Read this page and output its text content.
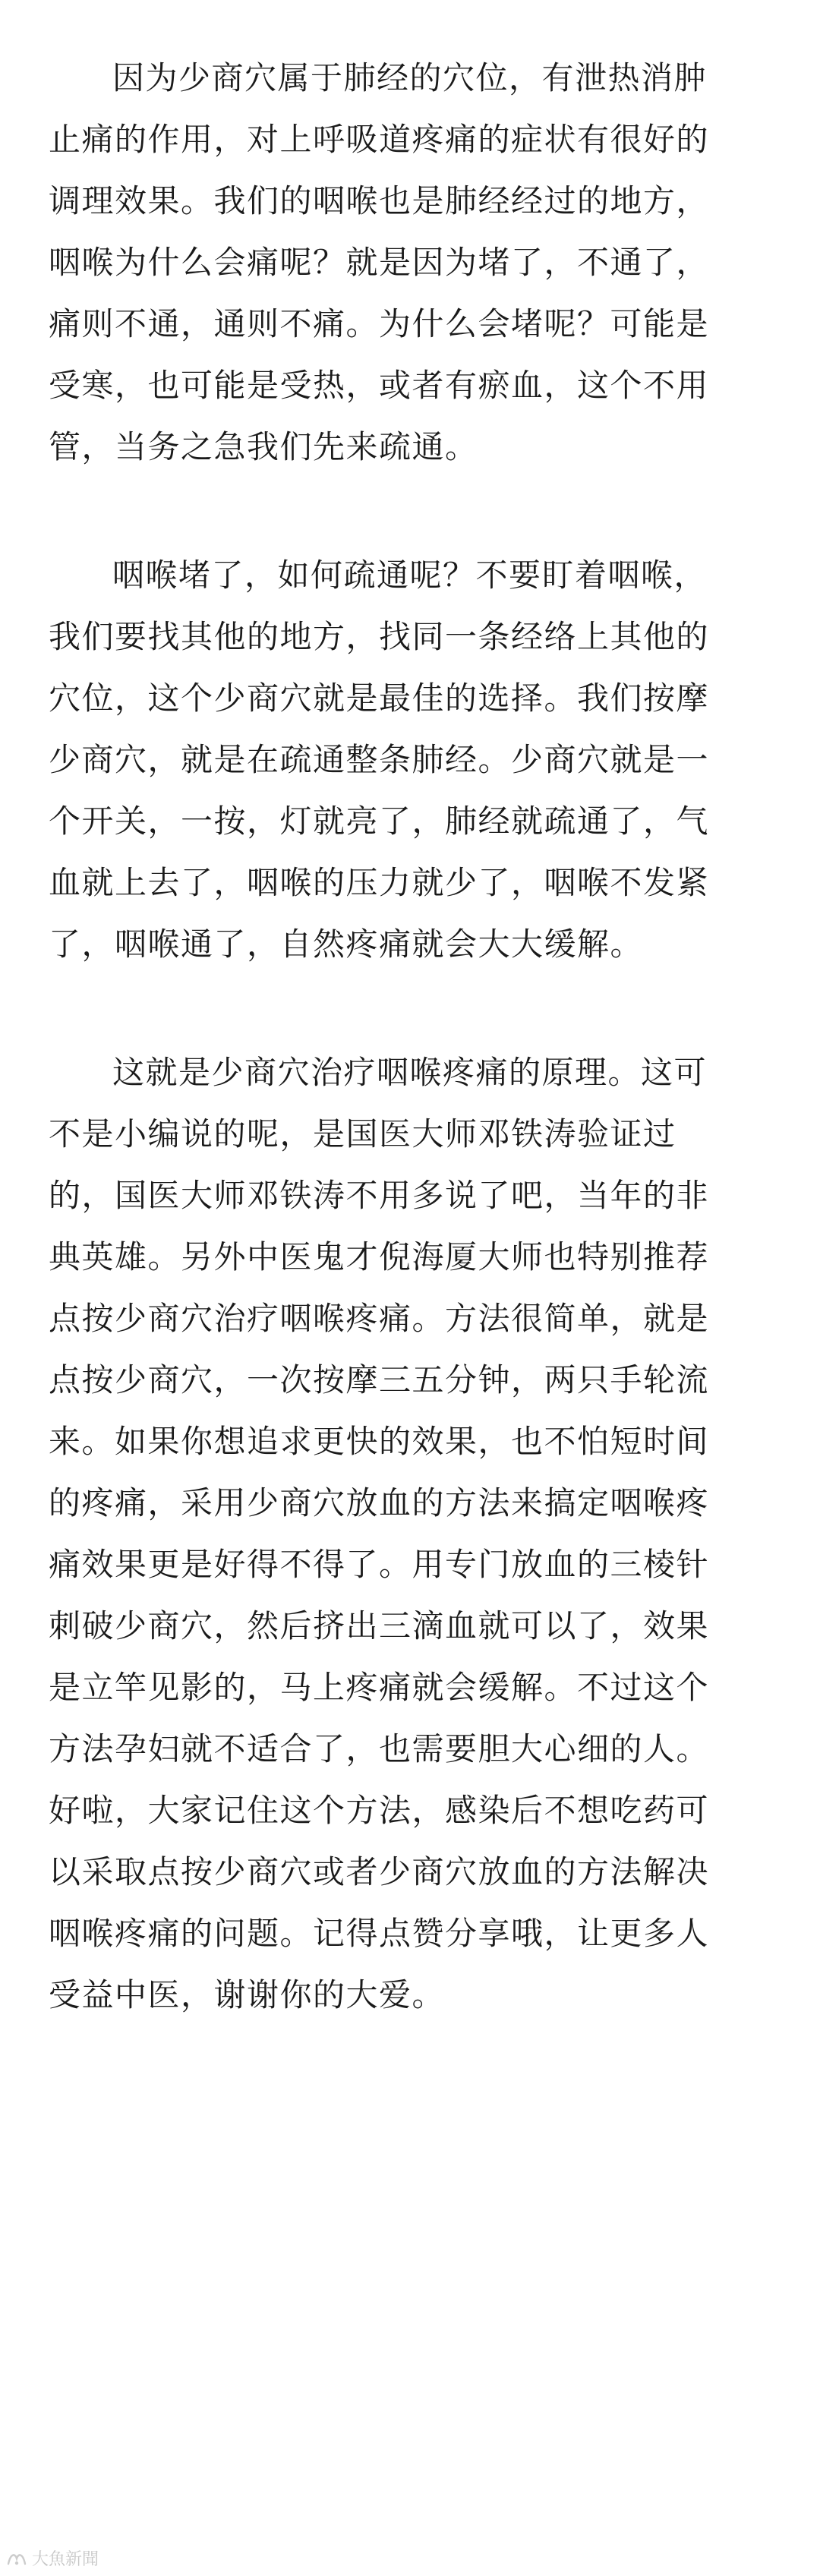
因为少商穴属于肺经的穴位，有泄热消肿
止痛的作用，对上呼吸道疼痛的症状有很好的
调理效果。我们的咽喉也是肺经经过的地方，
咽喉为什么会痛呢？就是因为堵了，不通了，
痛则不通，通则不痛。为什么会堵呢？可能是
受寒，也可能是受热，或者有瘀血，这个不用
管，当务之急我们先来疏通。

咽喉堵了，如何疏通呢？不要盯着咽喉，
我们要找其他的地方，找同一条经络上其他的
穴位，这个少商穴就是最佳的选择。我们按摩
少商穴，就是在疏通整条肺经。少商穴就是一
个开关，一按，灯就亮了，肺经就疏通了，气
血就上去了，咽喉的压力就少了，咽喉不发紧
了，咽喉通了，自然疼痛就会大大缓解。

这就是少商穴治疗咽喉疼痛的原理。这可
不是小编说的呢，是国医大师邓铁涛验证过
的，国医大师邓铁涛不用多说了吧，当年的非
典英雄。另外中医鬼才倪海厦大师也特别推荐
点按少商穴治疗咽喉疼痛。方法很简单，就是
点按少商穴，一次按摩三五分钟，两只手轮流
来。如果你想追求更快的效果，也不怕短时间
的疼痛，采用少商穴放血的方法来搞定咽喉疼
痛效果更是好得不得了。用专门放血的三棱针
刺破少商穴，然后挤出三滴血就可以了，效果
是立竿见影的，马上疼痛就会缓解。不过这个
方法孕妇就不适合了，也需要胆大心细的人。
好啦，大家记住这个方法，感染后不想吃药可
以采取点按少商穴或者少商穴放血的方法解决
咽喉疼痛的问题。记得点赞分享哦，让更多人
受益中医，谢谢你的大爱。

大魚新聞
